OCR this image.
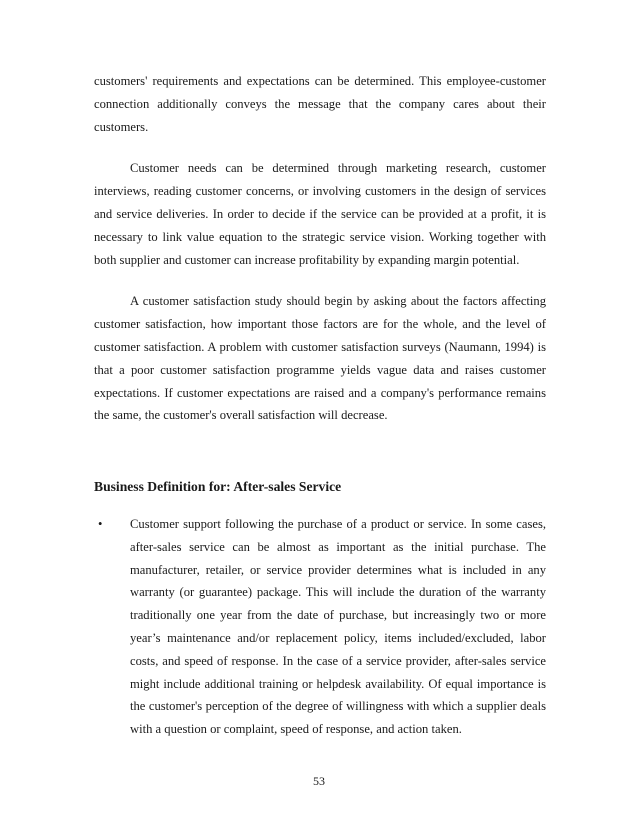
customers' requirements and expectations can be determined. This employee-customer connection additionally conveys the message that the company cares about their customers.

Customer needs can be determined through marketing research, customer interviews, reading customer concerns, or involving customers in the design of services and service deliveries. In order to decide if the service can be provided at a profit, it is necessary to link value equation to the strategic service vision. Working together with both supplier and customer can increase profitability by expanding margin potential.

A customer satisfaction study should begin by asking about the factors affecting customer satisfaction, how important those factors are for the whole, and the level of customer satisfaction. A problem with customer satisfaction surveys (Naumann, 1994) is that a poor customer satisfaction programme yields vague data and raises customer expectations. If customer expectations are raised and a company's performance remains the same, the customer's overall satisfaction will decrease.

Business Definition for: After-sales Service
•

Customer support following the purchase of a product or service. In some cases, after-sales service can be almost as important as the initial purchase. The manufacturer, retailer, or service provider determines what is included in any warranty (or guarantee) package. This will include the duration of the warranty traditionally one year from the date of purchase, but increasingly two or more year’s maintenance and/or replacement policy, items included/excluded, labor costs, and speed of response. In the case of a service provider, after-sales service might include additional training or helpdesk availability. Of equal importance is the customer's perception of the degree of willingness with which a supplier deals with a question or complaint, speed of response, and action taken.

53
